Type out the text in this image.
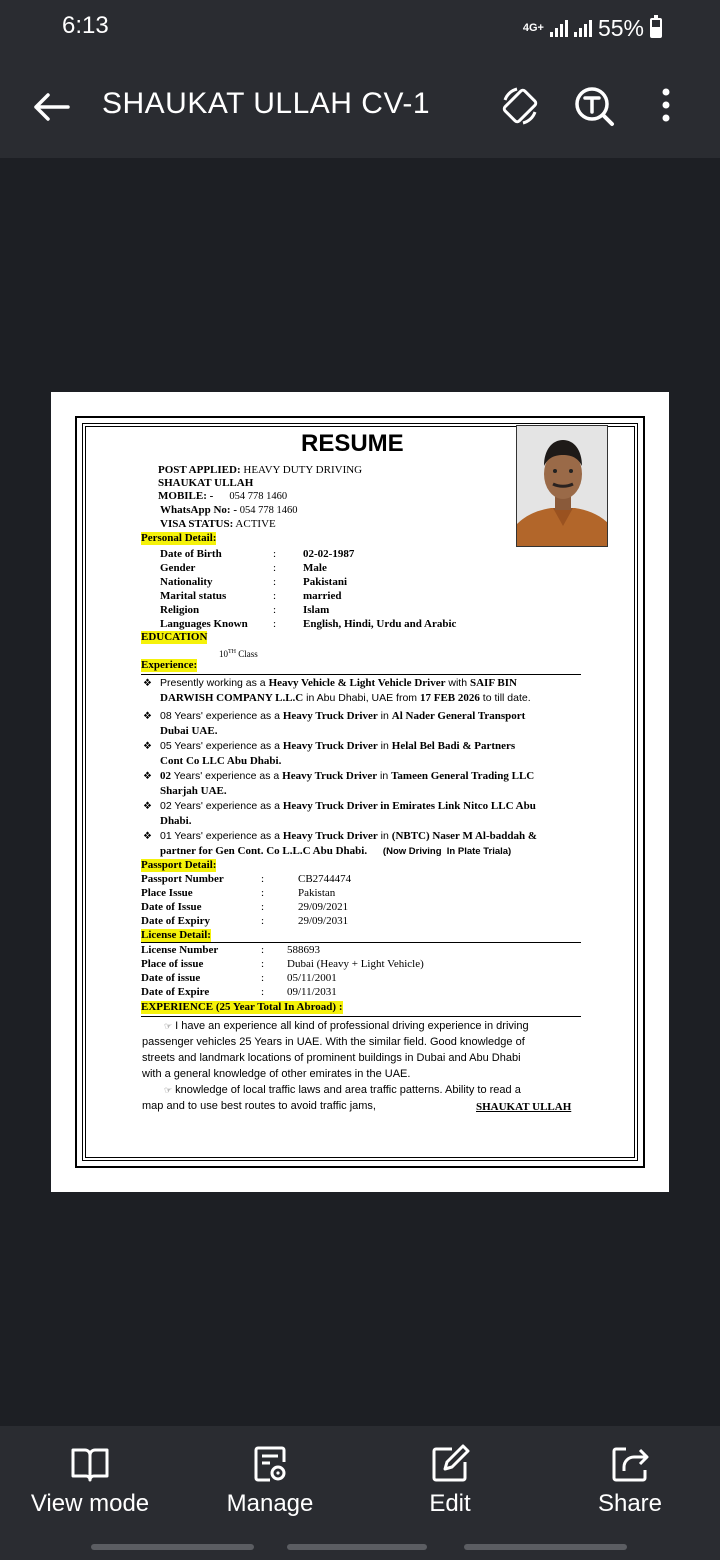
6:13	4G+ 55%
SHAUKAT ULLAH CV-1
RESUME
POST APPLIED: HEAVY DUTY DRIVING
SHAUKAT ULLAH
MOBILE: - 054 778 1460
WhatsApp No: - 054 778 1460
VISA STATUS: ACTIVE
Personal Detail:
Date of Birth	: 02-02-1987
Gender	: Male
Nationality	: Pakistani
Marital status	: married
Religion	: Islam
Languages Known : English, Hindi, Urdu and Arabic
EDUCATION
10TH Class
Experience:
❖ Presently working as a Heavy Vehicle & Light Vehicle Driver with SAIF BIN
DARWISH COMPANY L.L.C in Abu Dhabi, UAE from 17 FEB 2026 to till date.
❖ 08 Years' experience as a Heavy Truck Driver in Al Nader General Transport
Dubai UAE.
❖ 05 Years' experience as a Heavy Truck Driver in Helal Bel Badi & Partners
Cont Co LLC Abu Dhabi.
❖ 02 Years' experience as a Heavy Truck Driver in Tameen General Trading LLC
Sharjah UAE.
❖ 02 Years' experience as a Heavy Truck Driver in Emirates Link Nitco LLC Abu
Dhabi.
❖ 01 Years' experience as a Heavy Truck Driver in (NBTC) Naser M Al-baddah &
partner for Gen Cont. Co L.L.C Abu Dhabi.      (Now Driving  In Plate Triala)
Passport Detail:
Passport Number	:	CB2744474
Place Issue	:	Pakistan
Date of Issue	:	29/09/2021
Date of Expiry	:	29/09/2031
License Detail:
License Number	: 588693
Place of issue	: Dubai (Heavy + Light Vehicle)
Date of issue	: 05/11/2001
Date of Expire	: 09/11/2031
EXPERIENCE (25 Year Total In Abroad) :
☞ I have an experience all kind of professional driving experience in driving
passenger vehicles 25 Years in UAE. With the similar field. Good knowledge of
streets and landmark locations of prominent buildings in Dubai and Abu Dhabi
with a general knowledge of other emirates in the UAE.
☞ knowledge of local traffic laws and area traffic patterns. Ability to read a
map and to use best routes to avoid traffic jams,	SHAUKAT ULLAH
View mode	Manage	Edit	Share
